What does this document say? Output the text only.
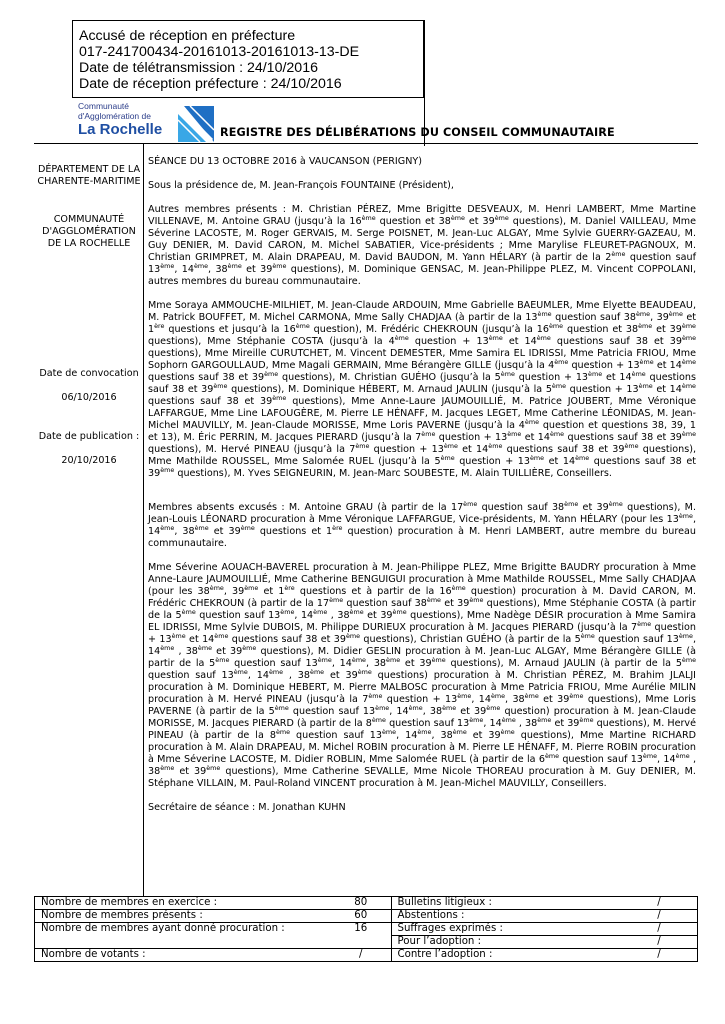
Accusé de réception en préfecture
017-241700434-20161013-20161013-13-DE
Date de télétransmission : 24/10/2016
Date de réception préfecture : 24/10/2016
Communauté
d'Agglomération de
La Rochelle	REGISTRE DES DÉLIBÉRATIONS DU CONSEIL COMMUNAUTAIRE
DÉPARTEMENT DE LA CHARENTE-MARITIME
COMMUNAUTÉ D'AGGLOMÉRATION DE LA ROCHELLE
Date de convocation
06/10/2016
Date de publication :
20/10/2016

SÉANCE DU 13 OCTOBRE 2016 à VAUCANSON (PERIGNY)

Sous la présidence de, M. Jean-François FOUNTAINE (Président),

Autres membres présents : M. Christian PÉREZ, Mme Brigitte DESVEAUX, M. Henri LAMBERT, Mme Martine VILLENAVE, M. Antoine GRAU (jusqu’à la 16ème question et 38ème et 39ème questions), M. Daniel VAILLEAU, Mme Séverine LACOSTE, M. Roger GERVAIS, M. Serge POISNET, M. Jean-Luc ALGAY, Mme Sylvie GUERRY-GAZEAU, M. Guy DENIER, M. David CARON, M. Michel SABATIER, Vice-présidents ; Mme Marylise FLEURET-PAGNOUX, M. Christian GRIMPRET, M. Alain DRAPEAU, M. David BAUDON, M. Yann HÉLARY (à partir de la 2ème question sauf 13ème, 14ème, 38ème et 39ème questions), M. Dominique GENSAC, M. Jean-Philippe PLEZ, M. Vincent COPPOLANI, autres membres du bureau communautaire.

Mme Soraya AMMOUCHE-MILHIET, M. Jean-Claude ARDOUIN, Mme Gabrielle BAEUMLER, Mme Elyette BEAUDEAU, M. Patrick BOUFFET, M. Michel CARMONA, Mme Sally CHADJAA (à partir de la 13ème question sauf 38ème, 39ème et 1ère questions et jusqu’à la 16ème question), M. Frédéric CHEKROUN (jusqu’à la 16ème question et 38ème et 39ème questions), Mme Stéphanie COSTA (jusqu’à la 4ème question + 13ème et 14ème questions sauf 38 et 39ème questions), Mme Mireille CURUTCHET, M. Vincent DEMESTER, Mme Samira EL IDRISSI, Mme Patricia FRIOU, Mme Sophorn GARGOULLAUD, Mme Magali GERMAIN, Mme Bérangère GILLE (jusqu’à la 4ème question + 13ème et 14ème questions sauf 38 et 39ème questions), M. Christian GUÉHO (jusqu’à la 5ème question + 13ème et 14ème questions sauf 38 et 39ème questions), M. Dominique HÉBERT, M. Arnaud JAULIN (jusqu’à la 5ème question + 13ème et 14ème questions sauf 38 et 39ème questions), Mme Anne-Laure JAUMOUILLIÉ, M. Patrice JOUBERT, Mme Véronique LAFFARGUE, Mme Line LAFOUGÈRE, M. Pierre LE HÉNAFF, M. Jacques LEGET, Mme Catherine LÉONIDAS, M. Jean-Michel MAUVILLY, M. Jean-Claude MORISSE, Mme Loris PAVERNE (jusqu’à la 4ème question et questions 38, 39, 1 et 13), M. Éric PERRIN, M. Jacques PIERARD (jusqu’à la 7ème question + 13ème et 14ème questions sauf 38 et 39ème questions), M. Hervé PINEAU (jusqu’à la 7ème question + 13ème et 14ème questions sauf 38 et 39ème questions), Mme Mathilde ROUSSEL, Mme Salomée RUEL (jusqu’à la 5ème question + 13ème et 14ème questions sauf 38 et 39ème questions), M. Yves SEIGNEURIN, M. Jean-Marc SOUBESTE, M. Alain TUILLIÈRE, Conseillers.

Membres absents excusés : M. Antoine GRAU (à partir de la 17ème question sauf 38ème et 39ème questions), M. Jean-Louis LÉONARD procuration à Mme Véronique LAFFARGUE, Vice-présidents, M. Yann HÉLARY (pour les 13ème, 14ème, 38ème et 39ème questions et 1ère question) procuration à M. Henri LAMBERT, autre membre du bureau communautaire.

Mme Séverine AOUACH-BAVEREL procuration à M. Jean-Philippe PLEZ, Mme Brigitte BAUDRY procuration à Mme Anne-Laure JAUMOUILLIÉ, Mme Catherine BENGUIGUI procuration à Mme Mathilde ROUSSEL, Mme Sally CHADJAA (pour les 38ème, 39ème et 1ère questions et à partir de la 16ème question) procuration à M. David CARON, M. Frédéric CHEKROUN (à partir de la 17ème question sauf 38ème et 39ème questions), Mme Stéphanie COSTA (à partir de la 5ème question sauf 13ème, 14ème , 38ème et 39ème questions), Mme Nadège DÉSIR procuration à Mme Samira EL IDRISSI, Mme Sylvie DUBOIS, M. Philippe DURIEUX procuration à M. Jacques PIERARD (jusqu’à la 7ème question + 13ème et 14ème questions sauf 38 et 39ème questions), Christian GUÉHO (à partir de la 5ème question sauf 13ème, 14ème , 38ème et 39ème questions), M. Didier GESLIN procuration à M. Jean-Luc ALGAY, Mme Bérangère GILLE (à partir de la 5ème question sauf 13ème, 14ème, 38ème et 39ème questions), M. Arnaud JAULIN (à partir de la 5ème question sauf 13ème, 14ème , 38ème et 39ème questions) procuration à M. Christian PÉREZ, M. Brahim JLALJI procuration à M. Dominique HEBERT, M. Pierre MALBOSC procuration à Mme Patricia FRIOU, Mme Aurélie MILIN procuration à M. Hervé PINEAU (jusqu’à la 7ème question + 13ème, 14ème, 38ème et 39ème questions), Mme Loris PAVERNE (à partir de la 5ème question sauf 13ème, 14ème, 38ème et 39ème question) procuration à M. Jean-Claude MORISSE, M. Jacques PIERARD (à partir de la 8ème question sauf 13ème, 14ème , 38ème et 39ème questions), M. Hervé PINEAU (à partir de la 8ème question sauf 13ème, 14ème, 38ème et 39ème questions), Mme Martine RICHARD procuration à M. Alain DRAPEAU, M. Michel ROBIN procuration à M. Pierre LE HÉNAFF, M. Pierre ROBIN procuration à Mme Séverine LACOSTE, M. Didier ROBLIN, Mme Salomée RUEL (à partir de la 6ème question sauf 13ème, 14ème , 38ème et 39ème questions), Mme Catherine SEVALLE, Mme Nicole THOREAU procuration à M. Guy DENIER, M. Stéphane VILLAIN, M. Paul-Roland VINCENT procuration à M. Jean-Michel MAUVILLY, Conseillers.

Secrétaire de séance : M. Jonathan KUHN

Nombre de membres en exercice :	80	Bulletins litigieux :	/
Nombre de membres présents :	60	Abstentions :	/
Nombre de membres ayant donné procuration :	16	Suffrages exprimés :	/
		Pour l’adoption :	/
Nombre de votants :	/	Contre l’adoption :	/
